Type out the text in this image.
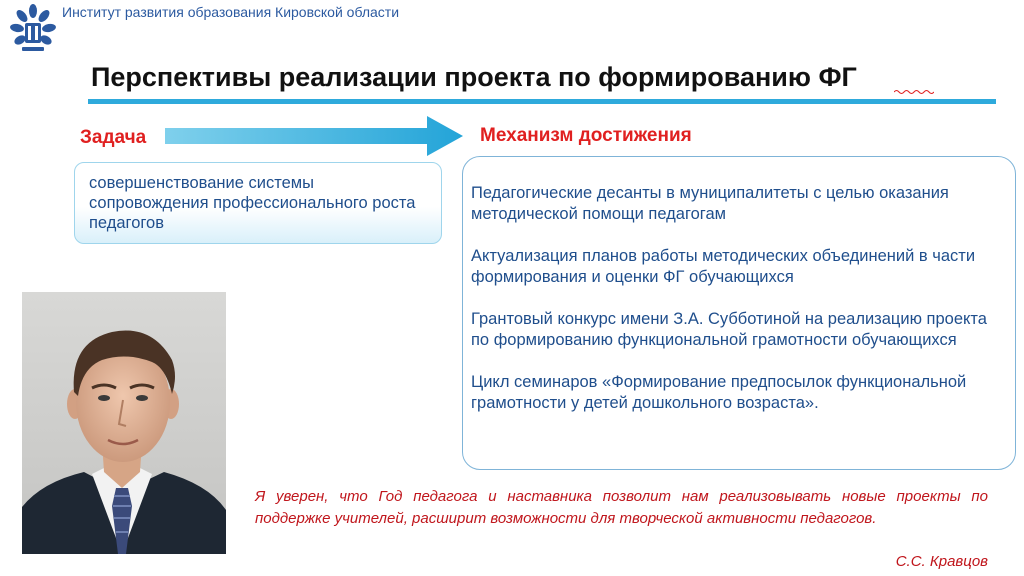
Институт развития образования Кировской области
Перспективы реализации проекта по формированию ФГ
Задача	Механизм достижения
совершенствование системы сопровождения профессионального роста педагогов
Педагогические десанты в муниципалитеты с целью оказания методической помощи педагогам
Актуализация планов работы методических объединений в части формирования и оценки ФГ обучающихся
Грантовый конкурс имени З.А. Субботиной на реализацию проекта по формированию функциональной грамотности обучающихся
Цикл семинаров «Формирование предпосылок функциональной грамотности у детей дошкольного возраста».
Я уверен, что Год педагога и наставника позволит нам реализовывать новые проекты по поддержке учителей, расширит возможности для творческой активности педагогов.
С.С. Кравцов
